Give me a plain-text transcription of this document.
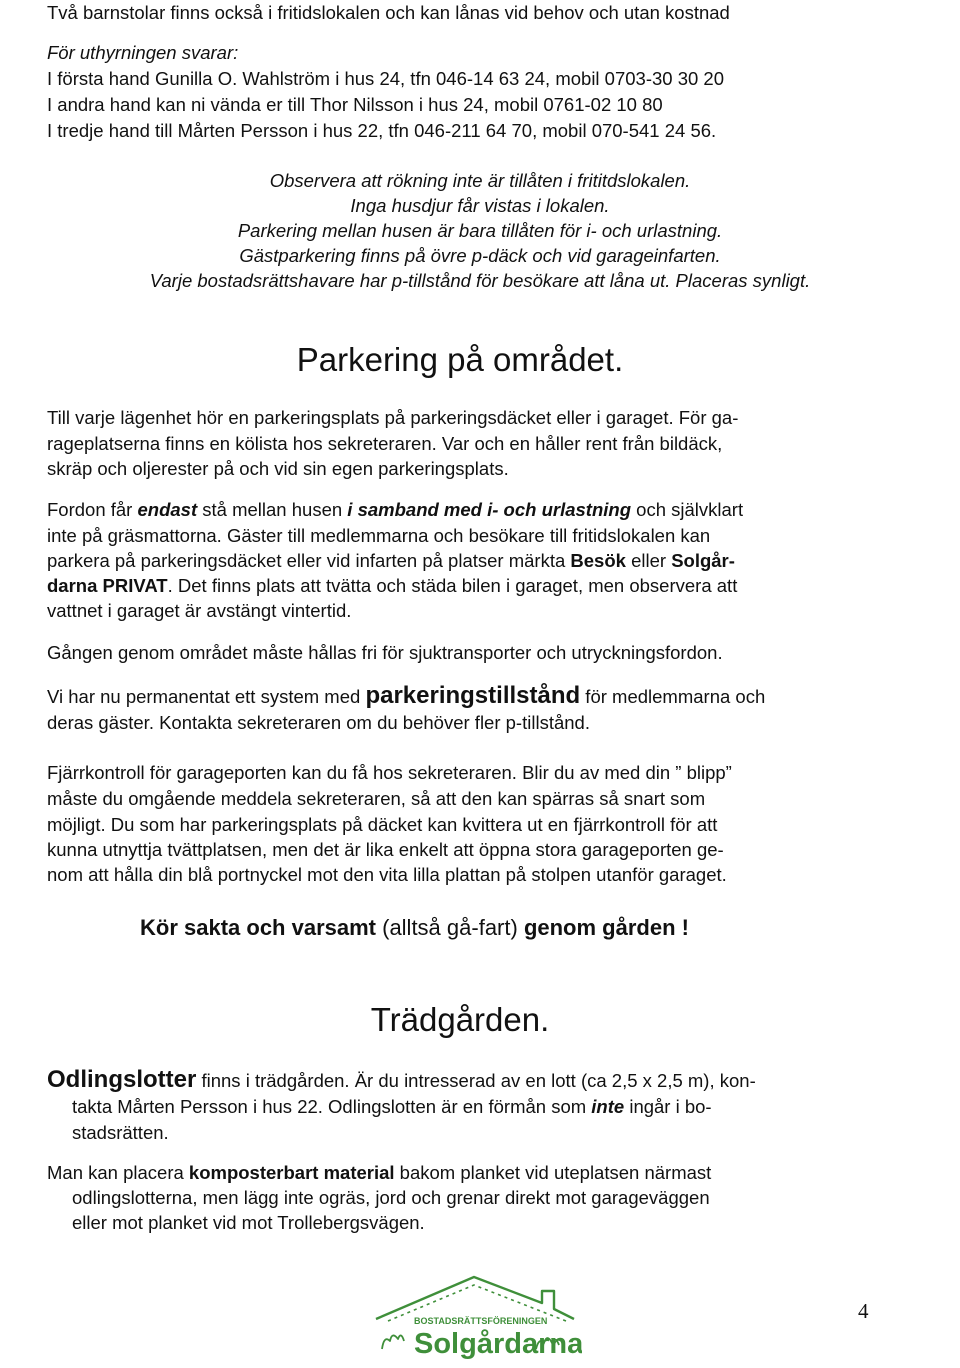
Två barnstolar finns också i fritidslokalen och kan lånas vid behov och utan kostnad
För uthyrningen svarar:
I första hand Gunilla O. Wahlström i hus 24, tfn 046-14 63 24, mobil 0703-30 30 20
I andra hand kan ni vända er till Thor Nilsson i hus 24, mobil 0761-02 10 80
I tredje hand till Mårten Persson i hus 22, tfn 046-211 64 70, mobil 070-541 24 56.
Observera att rökning inte är tillåten i frititdslokalen.
Inga husdjur får vistas i lokalen.
Parkering mellan husen är bara tillåten för i- och urlastning.
Gästparkering finns på övre p-däck och vid garageinfarten.
Varje bostadsrättshavare har p-tillstånd för besökare att låna ut. Placeras synligt.
Parkering på området.
Till varje lägenhet hör en parkeringsplats på parkeringsdäcket eller i garaget. För ga-
rageplatserna finns en kölista hos sekreteraren. Var och en håller rent från bildäck,
skräp och oljerester på och vid sin egen parkeringsplats.
Fordon får endast stå mellan husen i samband med i- och urlastning och självklart
inte på gräsmattorna. Gäster till medlemmarna och besökare till fritidslokalen kan
parkera på parkeringsdäcket eller vid infarten på platser märkta Besök eller Solgår-
darna PRIVAT. Det finns plats att tvätta och städa bilen i garaget, men observera att
vattnet i garaget är avstängt vintertid.
Gången genom området måste hållas fri för sjuktransporter och utryckningsfordon.
Vi har nu permanentat ett system med parkeringstillstånd för medlemmarna och
deras gäster. Kontakta sekreteraren om du behöver fler p-tillstånd.
Fjärrkontroll för garageporten kan du få hos sekreteraren. Blir du av med din ” blipp”
måste du omgående meddela sekreteraren, så att den kan spärras så snart som
möjligt. Du som har parkeringsplats på däcket kan kvittera ut en fjärrkontroll för att
kunna utnyttja tvättplatsen, men det är lika enkelt att öppna stora garageporten ge-
nom att hålla din blå portnyckel mot den vita lilla plattan på stolpen utanför garaget.
Kör sakta och varsamt (alltså gå-fart) genom gården !
Trädgården.
Odlingslotter finns i trädgården. Är du intresserad av en lott (ca 2,5 x 2,5 m), kon-
takta Mårten Persson i hus 22. Odlingslotten är en förmån som inte ingår i bo-
stadsrätten.
Man kan placera komposterbart material bakom planket vid uteplatsen närmast
odlingslotterna, men lägg inte ogräs, jord och grenar direkt mot garageväggen
eller mot planket vid mot Trollebergsvägen.
BOSTADSRÄTTSFÖRENINGEN
Solgårdarna
4
